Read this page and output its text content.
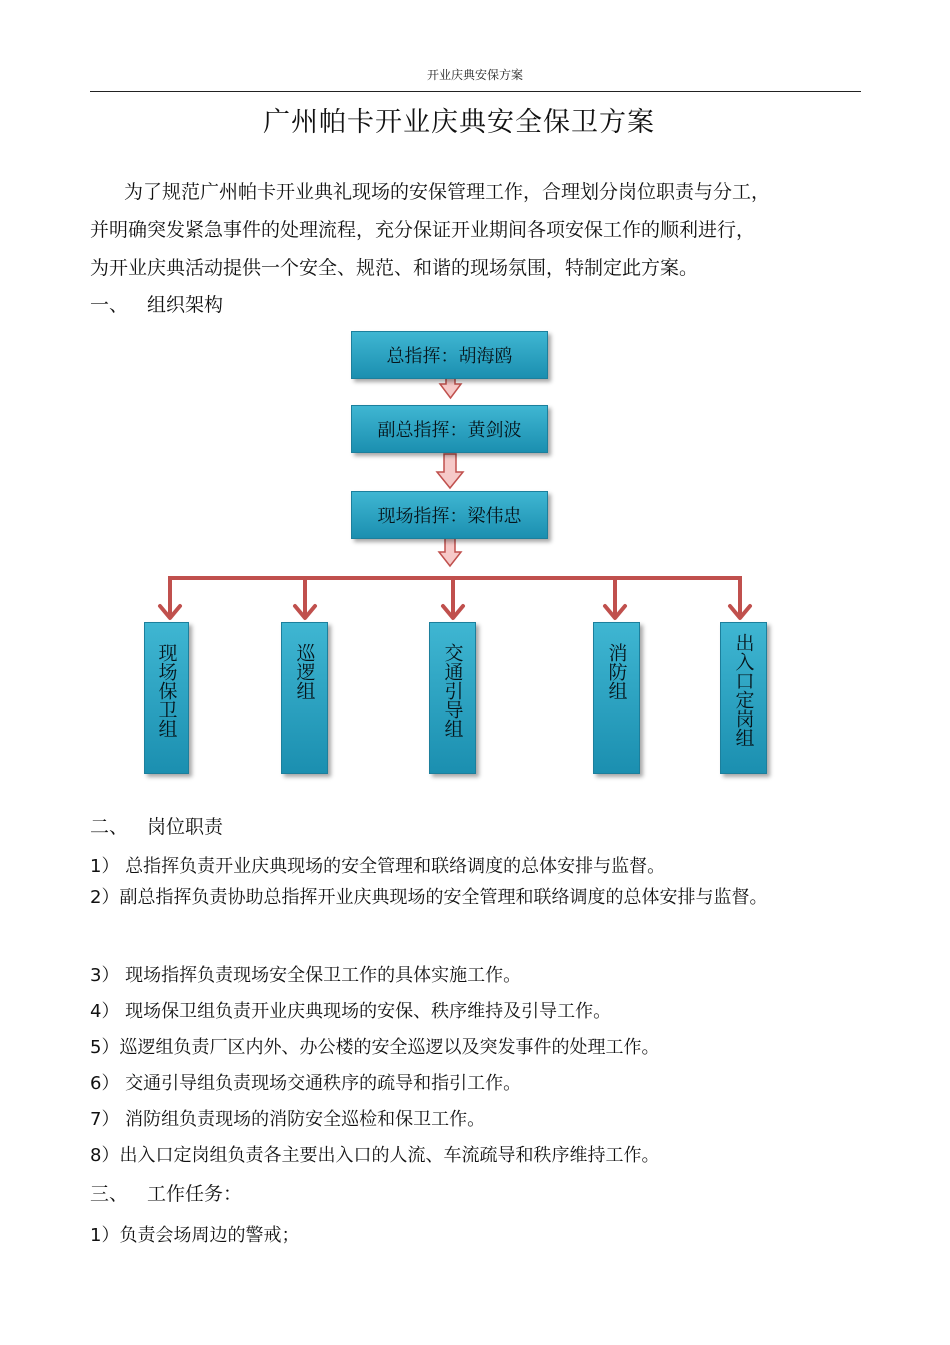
开业庆典安保方案
广州帕卡开业庆典安全保卫方案

为了规范广州帕卡开业典礼现场的安保管理工作，合理划分岗位职责与分工，

并明确突发紧急事件的处理流程，充分保证开业期间各项安保工作的顺利进行，

为开业庆典活动提供一个安全、规范、和谐的现场氛围，特制定此方案。

一、 组织架构
总指挥：胡海鸥
副总指挥：黄剑波
现场指挥：梁伟忠
现场保卫组	巡逻组	交通引导组	消防组	出入口定岗组
二、 岗位职责
1） 总指挥负责开业庆典现场的安全管理和联络调度的总体安排与监督。
2）副总指挥负责协助总指挥开业庆典现场的安全管理和联络调度的总体安排与监督。
3） 现场指挥负责现场安全保卫工作的具体实施工作。
4） 现场保卫组负责开业庆典现场的安保、秩序维持及引导工作。
5）巡逻组负责厂区内外、办公楼的安全巡逻以及突发事件的处理工作。
6） 交通引导组负责现场交通秩序的疏导和指引工作。
7） 消防组负责现场的消防安全巡检和保卫工作。
8）出入口定岗组负责各主要出入口的人流、车流疏导和秩序维持工作。
三、 工作任务：
1）负责会场周边的警戒；
